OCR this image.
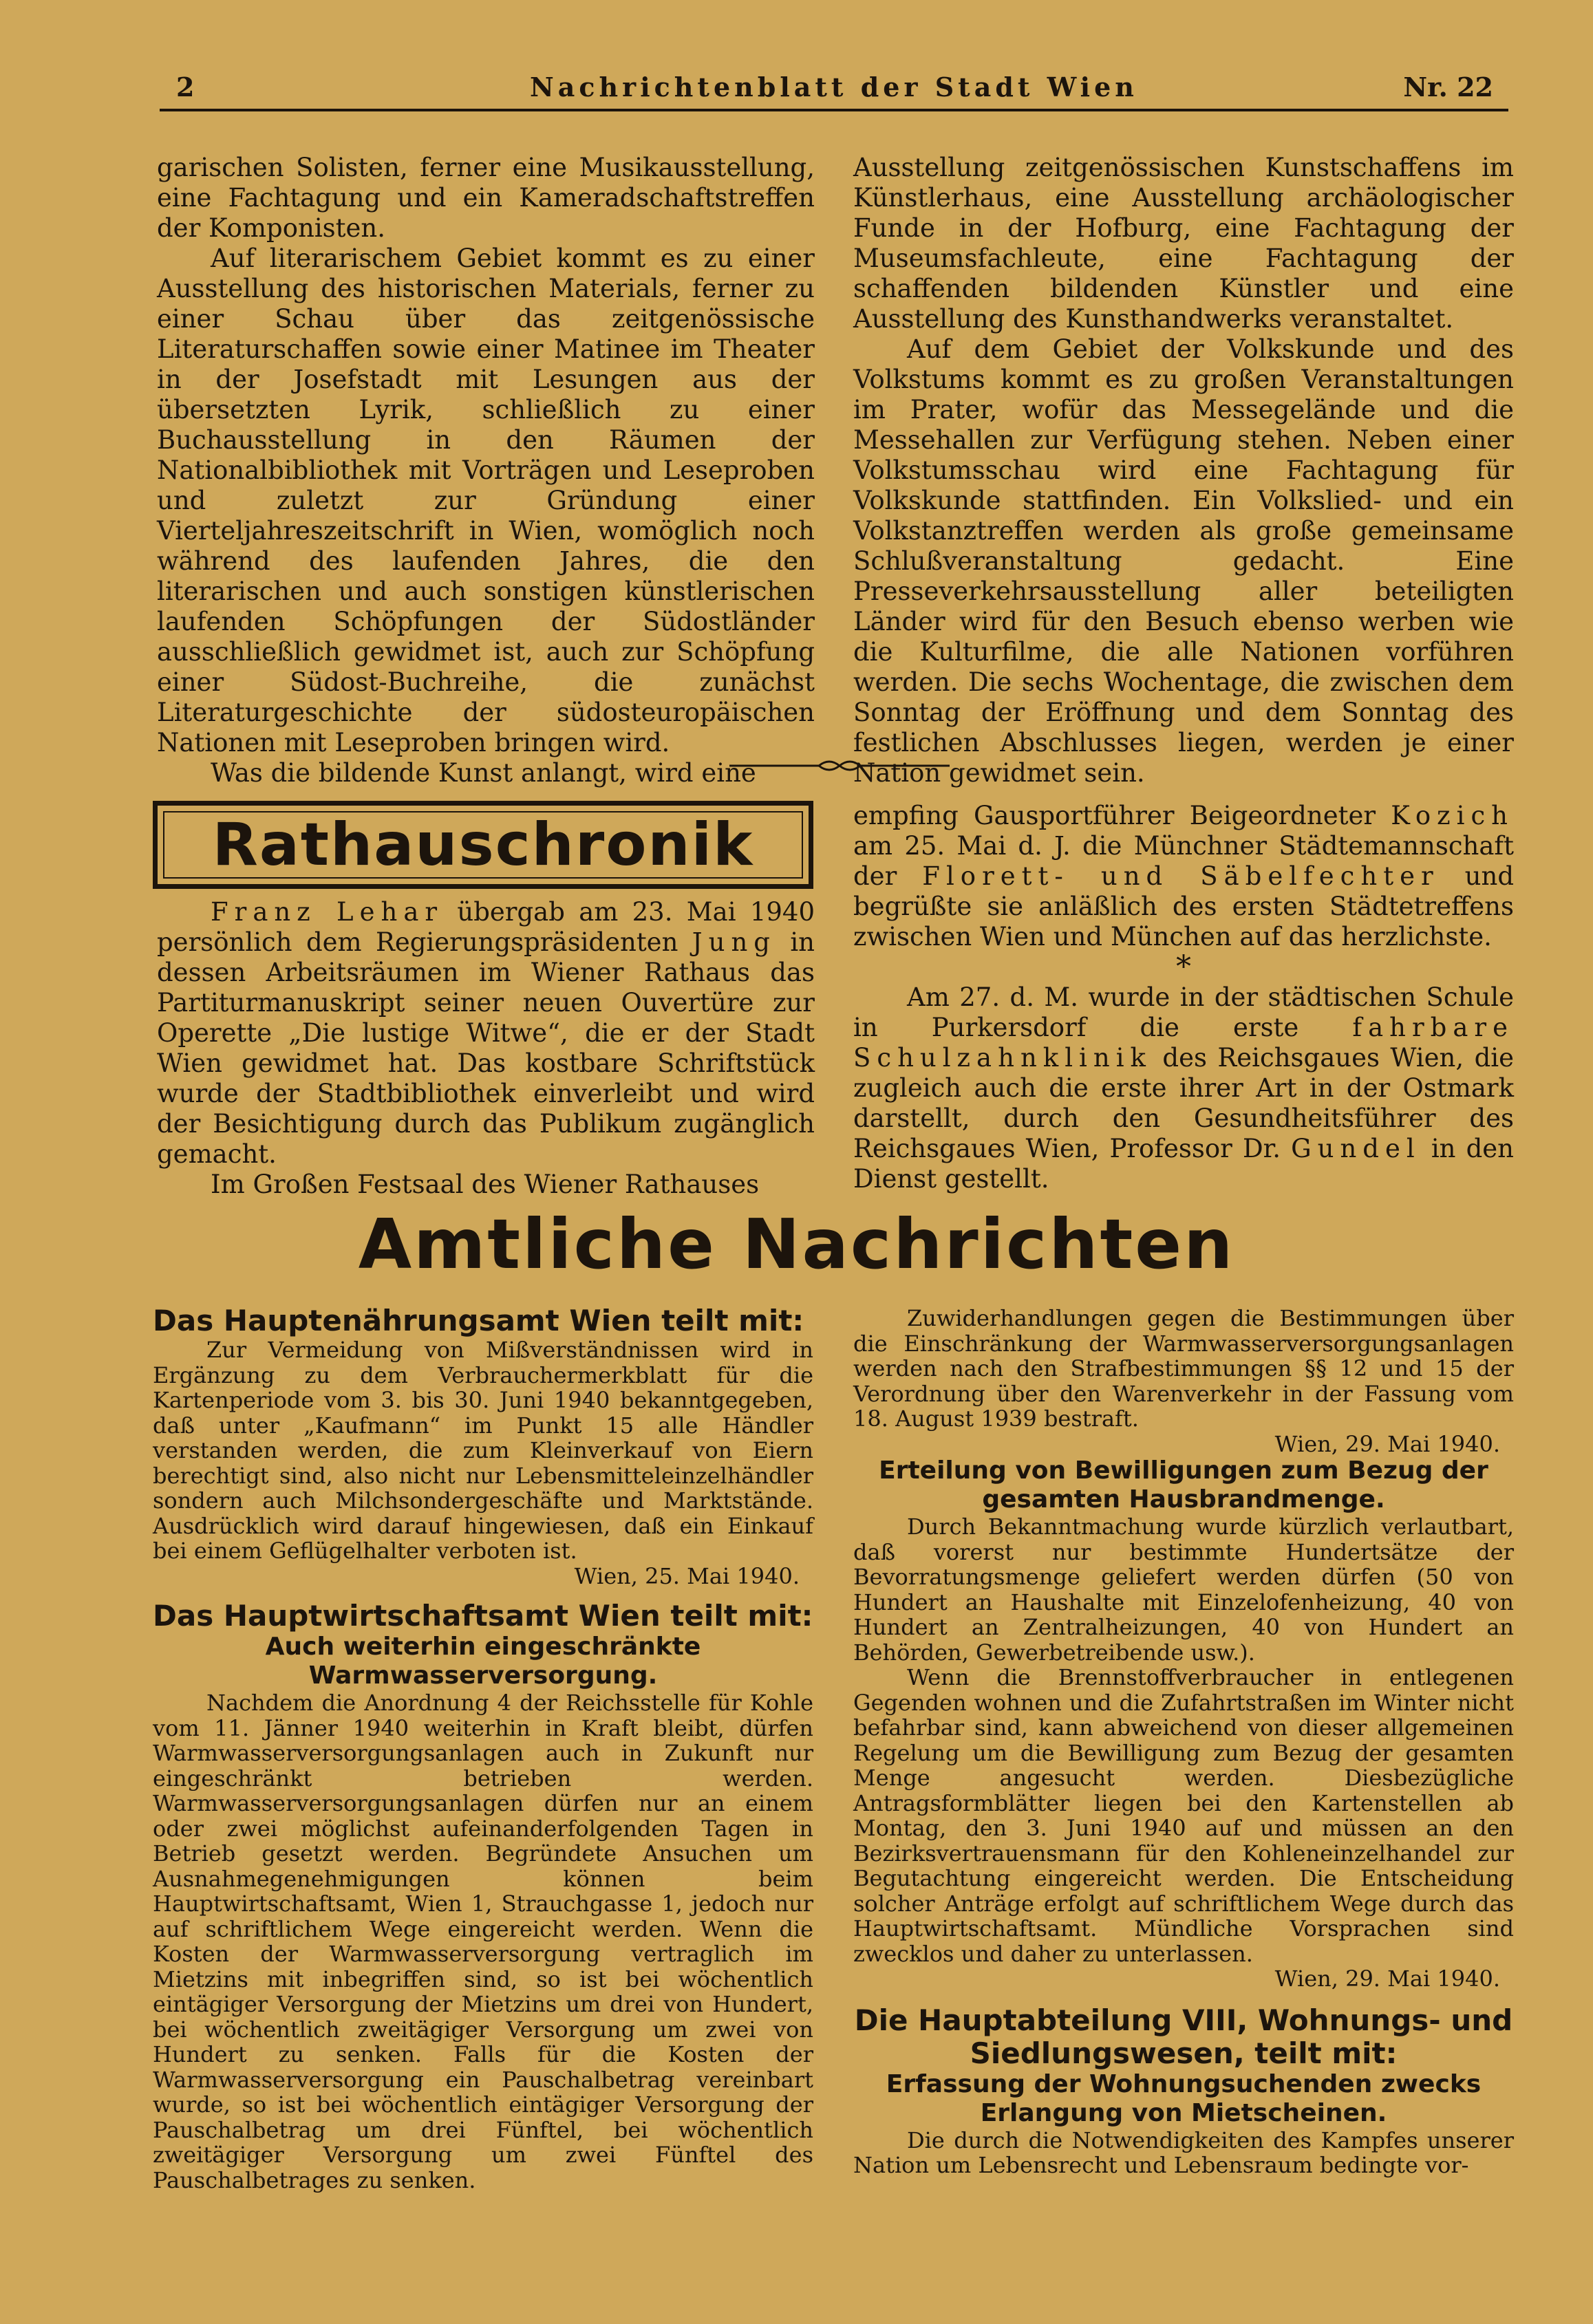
2	Nachrichtenblatt der Stadt Wien	Nr. 22

garischen Solisten, ferner eine Musikausstellung, eine Fachtagung und ein Kameradschaftstreffen der Komponisten.

Auf literarischem Gebiet kommt es zu einer Ausstellung des historischen Materials, ferner zu einer Schau über das zeitgenössische Literaturschaffen sowie einer Matinee im Theater in der Josefstadt mit Lesungen aus der übersetzten Lyrik, schließlich zu einer Buchausstellung in den Räumen der Nationalbibliothek mit Vorträgen und Leseproben und zuletzt zur Gründung einer Vierteljahreszeitschrift in Wien, womöglich noch während des laufenden Jahres, die den literarischen und auch sonstigen künstlerischen laufenden Schöpfungen der Südostländer ausschließlich gewidmet ist, auch zur Schöpfung einer Südost-Buchreihe, die zunächst Literaturgeschichte der südosteuropäischen Nationen mit Leseproben bringen wird.

Was die bildende Kunst anlangt, wird eine

Ausstellung zeitgenössischen Kunstschaffens im Künstlerhaus, eine Ausstellung archäologischer Funde in der Hofburg, eine Fachtagung der Museumsfachleute, eine Fachtagung der schaffenden bildenden Künstler und eine Ausstellung des Kunsthandwerks veranstaltet.

Auf dem Gebiet der Volkskunde und des Volkstums kommt es zu großen Veranstaltungen im Prater, wofür das Messegelände und die Messehallen zur Verfügung stehen. Neben einer Volkstumsschau wird eine Fachtagung für Volkskunde stattfinden. Ein Volkslied- und ein Volkstanztreffen werden als große gemeinsame Schlußveranstaltung gedacht. Eine Presseverkehrsausstellung aller beteiligten Länder wird für den Besuch ebenso werben wie die Kulturfilme, die alle Nationen vorführen werden. Die sechs Wochentage, die zwischen dem Sonntag der Eröffnung und dem Sonntag des festlichen Abschlusses liegen, werden je einer Nation gewidmet sein.

Rathauschronik

Franz Lehar übergab am 23. Mai 1940 persönlich dem Regierungspräsidenten Jung in dessen Arbeitsräumen im Wiener Rathaus das Partiturmanuskript seiner neuen Ouvertüre zur Operette „Die lustige Witwe“, die er der Stadt Wien gewidmet hat. Das kostbare Schriftstück wurde der Stadtbibliothek einverleibt und wird der Besichtigung durch das Publikum zugänglich gemacht.

Im Großen Festsaal des Wiener Rathauses

empfing Gausportführer Beigeordneter Kozich am 25. Mai d. J. die Münchner Städtemannschaft der Florett- und Säbelfechter und begrüßte sie anläßlich des ersten Städtetreffens zwischen Wien und München auf das herzlichste.

*

Am 27. d. M. wurde in der städtischen Schule in Purkersdorf die erste fahrbare Schulzahnklinik des Reichsgaues Wien, die zugleich auch die erste ihrer Art in der Ostmark darstellt, durch den Gesundheitsführer des Reichsgaues Wien, Professor Dr. Gundel in den Dienst gestellt.

Amtliche Nachrichten

Das Hauptenährungsamt Wien teilt mit:

Zur Vermeidung von Mißverständnissen wird in Ergänzung zu dem Verbrauchermerkblatt für die Kartenperiode vom 3. bis 30. Juni 1940 bekanntgegeben, daß unter „Kaufmann“ im Punkt 15 alle Händler verstanden werden, die zum Kleinverkauf von Eiern berechtigt sind, also nicht nur Lebensmitteleinzelhändler sondern auch Milchsondergeschäfte und Marktstände. Ausdrücklich wird darauf hingewiesen, daß ein Einkauf bei einem Geflügelhalter verboten ist.

Wien, 25. Mai 1940.

Das Hauptwirtschaftsamt Wien teilt mit:

Auch weiterhin eingeschränkte Warmwasserversorgung.

Nachdem die Anordnung 4 der Reichsstelle für Kohle vom 11. Jänner 1940 weiterhin in Kraft bleibt, dürfen Warmwasserversorgungsanlagen auch in Zukunft nur eingeschränkt betrieben werden. Warmwasserversorgungsanlagen dürfen nur an einem oder zwei möglichst aufeinanderfolgenden Tagen in Betrieb gesetzt werden. Begründete Ansuchen um Ausnahmegenehmigungen können beim Hauptwirtschaftsamt, Wien 1, Strauchgasse 1, jedoch nur auf schriftlichem Wege eingereicht werden. Wenn die Kosten der Warmwasserversorgung vertraglich im Mietzins mit inbegriffen sind, so ist bei wöchentlich eintägiger Versorgung der Mietzins um drei von Hundert, bei wöchentlich zweitägiger Versorgung um zwei von Hundert zu senken. Falls für die Kosten der Warmwasserversorgung ein Pauschalbetrag vereinbart wurde, so ist bei wöchentlich eintägiger Versorgung der Pauschalbetrag um drei Fünftel, bei wöchentlich zweitägiger Versorgung um zwei Fünftel des Pauschalbetrages zu senken.

Zuwiderhandlungen gegen die Bestimmungen über die Einschränkung der Warmwasserversorgungsanlagen werden nach den Strafbestimmungen §§ 12 und 15 der Verordnung über den Warenverkehr in der Fassung vom 18. August 1939 bestraft.

Wien, 29. Mai 1940.

Erteilung von Bewilligungen zum Bezug der gesamten Hausbrandmenge.

Durch Bekanntmachung wurde kürzlich verlautbart, daß vorerst nur bestimmte Hundertsätze der Bevorratungsmenge geliefert werden dürfen (50 von Hundert an Haushalte mit Einzelofenheizung, 40 von Hundert an Zentralheizungen, 40 von Hundert an Behörden, Gewerbetreibende usw.).

Wenn die Brennstoffverbraucher in entlegenen Gegenden wohnen und die Zufahrtstraßen im Winter nicht befahrbar sind, kann abweichend von dieser allgemeinen Regelung um die Bewilligung zum Bezug der gesamten Menge angesucht werden. Diesbezügliche Antragsformblätter liegen bei den Kartenstellen ab Montag, den 3. Juni 1940 auf und müssen an den Bezirksvertrauensmann für den Kohleneinzelhandel zur Begutachtung eingereicht werden. Die Entscheidung solcher Anträge erfolgt auf schriftlichem Wege durch das Hauptwirtschaftsamt. Mündliche Vorsprachen sind zwecklos und daher zu unterlassen.

Wien, 29. Mai 1940.

Die Hauptabteilung VIII, Wohnungs- und Siedlungswesen, teilt mit:

Erfassung der Wohnungsuchenden zwecks Erlangung von Mietscheinen.

Die durch die Notwendigkeiten des Kampfes unserer Nation um Lebensrecht und Lebensraum bedingte vor-
